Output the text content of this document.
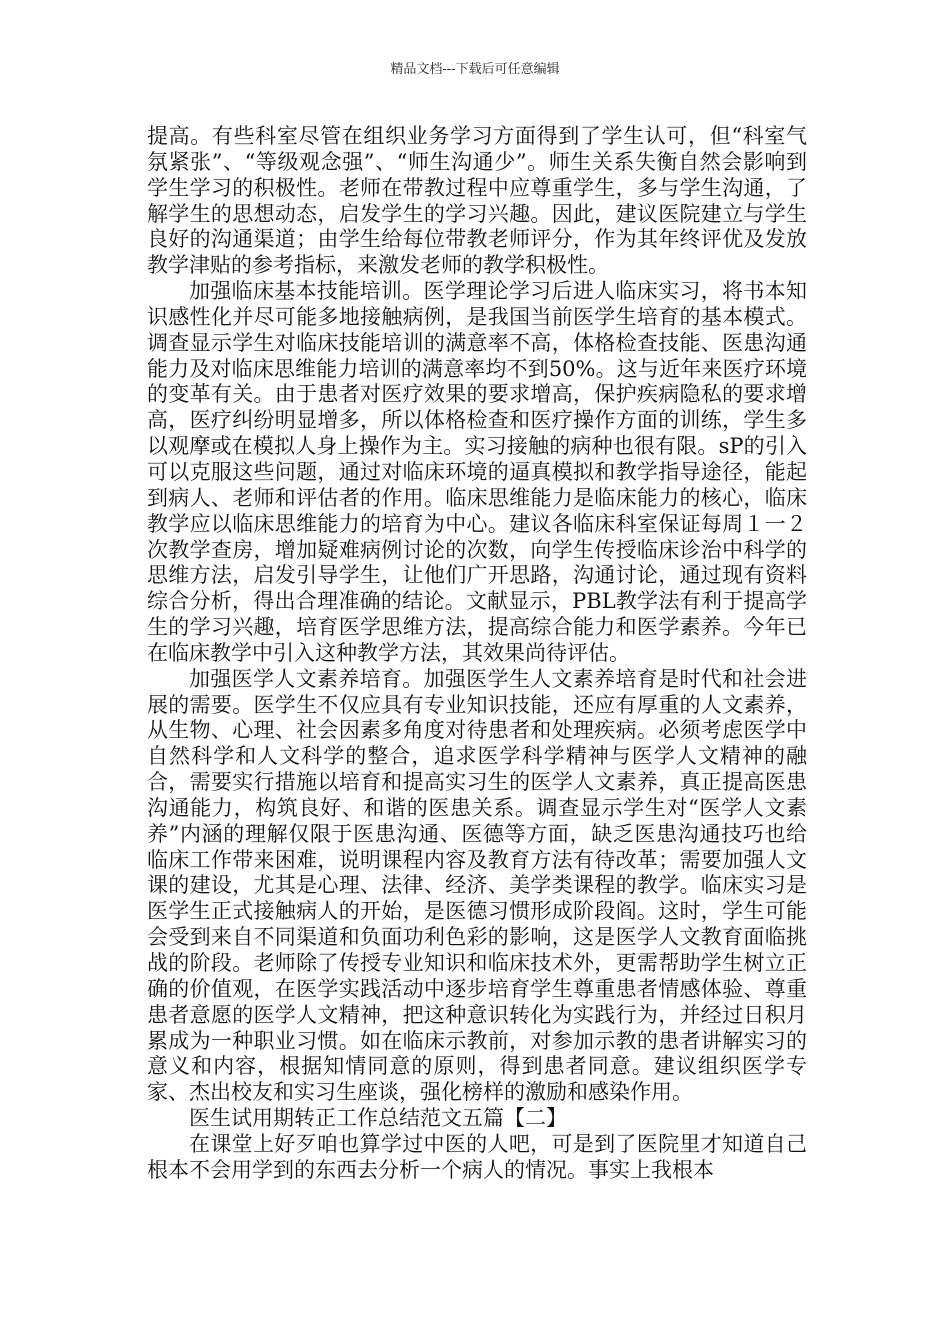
精品文档---下载后可任意编辑

提高。有些科室尽管在组织业务学习方面得到了学生认可，但“科室气氛紧张”、“等级观念强”、“师生沟通少”。师生关系失衡自然会影响到学生学习的积极性。老师在带教过程中应尊重学生，多与学生沟通，了解学生的思想动态，启发学生的学习兴趣。因此，建议医院建立与学生良好的沟通渠道；由学生给每位带教老师评分，作为其年终评优及发放教学津贴的参考指标，来激发老师的教学积极性。

加强临床基本技能培训。医学理论学习后进人临床实习，将书本知识感性化并尽可能多地接触病例，是我国当前医学生培育的基本模式。调查显示学生对临床技能培训的满意率不高，体格检查技能、医患沟通能力及对临床思维能力培训的满意率均不到50%。这与近年来医疗环境的变革有关。由于患者对医疗效果的要求增高，保护疾病隐私的要求增高，医疗纠纷明显增多，所以体格检查和医疗操作方面的训练，学生多以观摩或在模拟人身上操作为主。实习接触的病种也很有限。sP的引入可以克服这些问题，通过对临床环境的逼真模拟和教学指导途径，能起到病人、老师和评估者的作用。临床思维能力是临床能力的核心，临床教学应以临床思维能力的培育为中心。建议各临床科室保证每周１一２次教学查房，增加疑难病例讨论的次数，向学生传授临床诊治中科学的思维方法，启发引导学生，让他们广开思路，沟通讨论，通过现有资料综合分析，得出合理准确的结论。文献显示，PBL教学法有利于提高学生的学习兴趣，培育医学思维方法，提高综合能力和医学素养。今年已在临床教学中引入这种教学方法，其效果尚待评估。

加强医学人文素养培育。加强医学生人文素养培育是时代和社会进展的需要。医学生不仅应具有专业知识技能，还应有厚重的人文素养，从生物、心理、社会因素多角度对待患者和处理疾病。必须考虑医学中自然科学和人文科学的整合，追求医学科学精神与医学人文精神的融合，需要实行措施以培育和提高实习生的医学人文素养，真正提高医患沟通能力，构筑良好、和谐的医患关系。调查显示学生对“医学人文素养”内涵的理解仅限于医患沟通、医德等方面，缺乏医患沟通技巧也给临床工作带来困难，说明课程内容及教育方法有待改革；需要加强人文课的建设，尤其是心理、法律、经济、美学类课程的教学。临床实习是医学生正式接触病人的开始，是医德习惯形成阶段阎。这时，学生可能会受到来自不同渠道和负面功利色彩的影响，这是医学人文教育面临挑战的阶段。老师除了传授专业知识和临床技术外，更需帮助学生树立正确的价值观，在医学实践活动中逐步培育学生尊重患者情感体验、尊重患者意愿的医学人文精神，把这种意识转化为实践行为，并经过日积月累成为一种职业习惯。如在临床示教前，对参加示教的患者讲解实习的意义和内容，根据知情同意的原则，得到患者同意。建议组织医学专家、杰出校友和实习生座谈，强化榜样的激励和感染作用。

医生试用期转正工作总结范文五篇【二】

在课堂上好歹咱也算学过中医的人吧，可是到了医院里才知道自己根本不会用学到的东西去分析一个病人的情况。事实上我根本
